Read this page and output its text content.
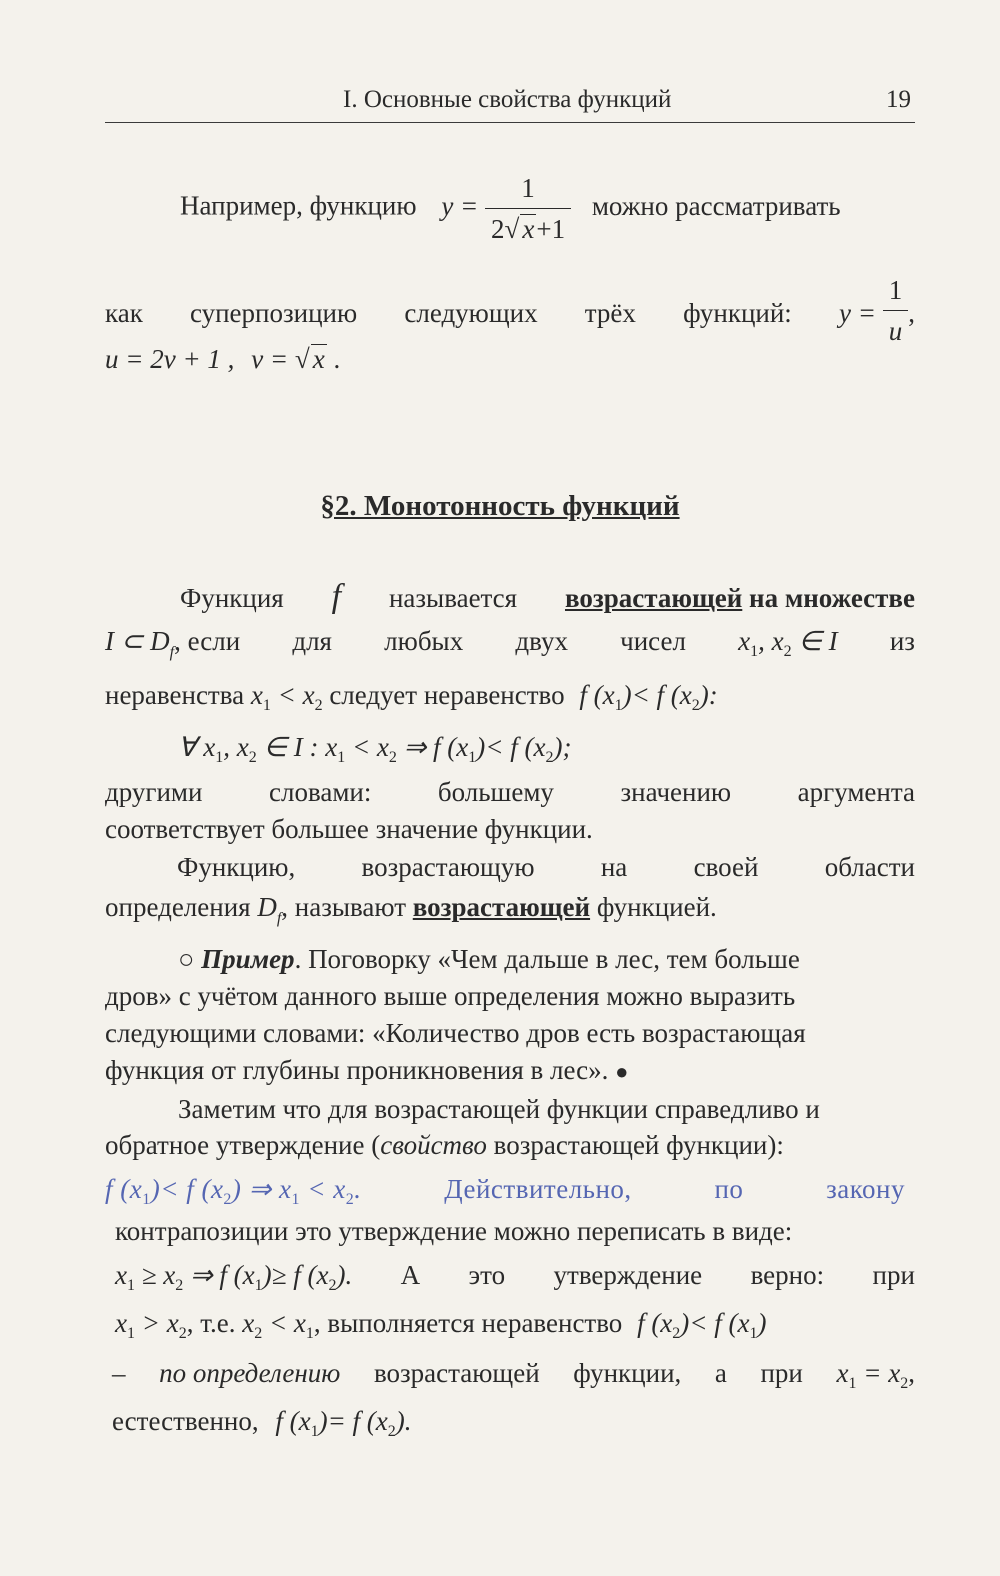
I. Основные свойства функций	19
Например, функцию $y = \frac{1}{2√ x+1}$ можно рассматривать
как суперпозицию следующих трёх функций: $y = \frac{1}{u}$ ,
u = 2v + 1 , v = √ x .
§2. Монотонность функций
Функция f называется возрастающей на множестве
I ⊂ $D_f$, если для любых двух чисел $x_1$, $x_2$ ∈ I из
неравенства $x_1 < x_2$ следует неравенство f $(x_1)< f$ $(x_2)$:
∀ $x_1$, $x_2$ ∈ I : $x_1 < x_2$ ⇒ f $(x_1)< f$ $(x_2)$;
другими словами: большему значению аргумента
соответствует большее значение функции.
Функцию, возрастающую на своей области
определения $D_f$, называют возрастающей функцией.
○ Пример. Поговорку «Чем дальше в лес, тем больше
дров» с учётом данного выше определения можно выразить
следующими словами: «Количество дров есть возрастающая
функция от глубины проникновения в лес». ●
Заметим что для возрастающей функции справедливо и
обратное утверждение (свойство возрастающей функции):
f $(x_1)< f$ $(x_2)$ ⇒ $x_1 < x_2$.	Действительно,	по	закону
контрапозиции это утверждение можно переписать в виде:
$x_1 \ge x_2$ ⇒ f $(x_1)\ge f$ $(x_2)$. А это утверждение верно: при
$x_1 > x_2$, т.е. $x_2 < x_1$, выполняется неравенство f $(x_2)< f$ $(x_1)$
– по определению возрастающей функции, а при $x_1 = x_2$,
естественно, f $(x_1)= f$ $(x_2)$.
